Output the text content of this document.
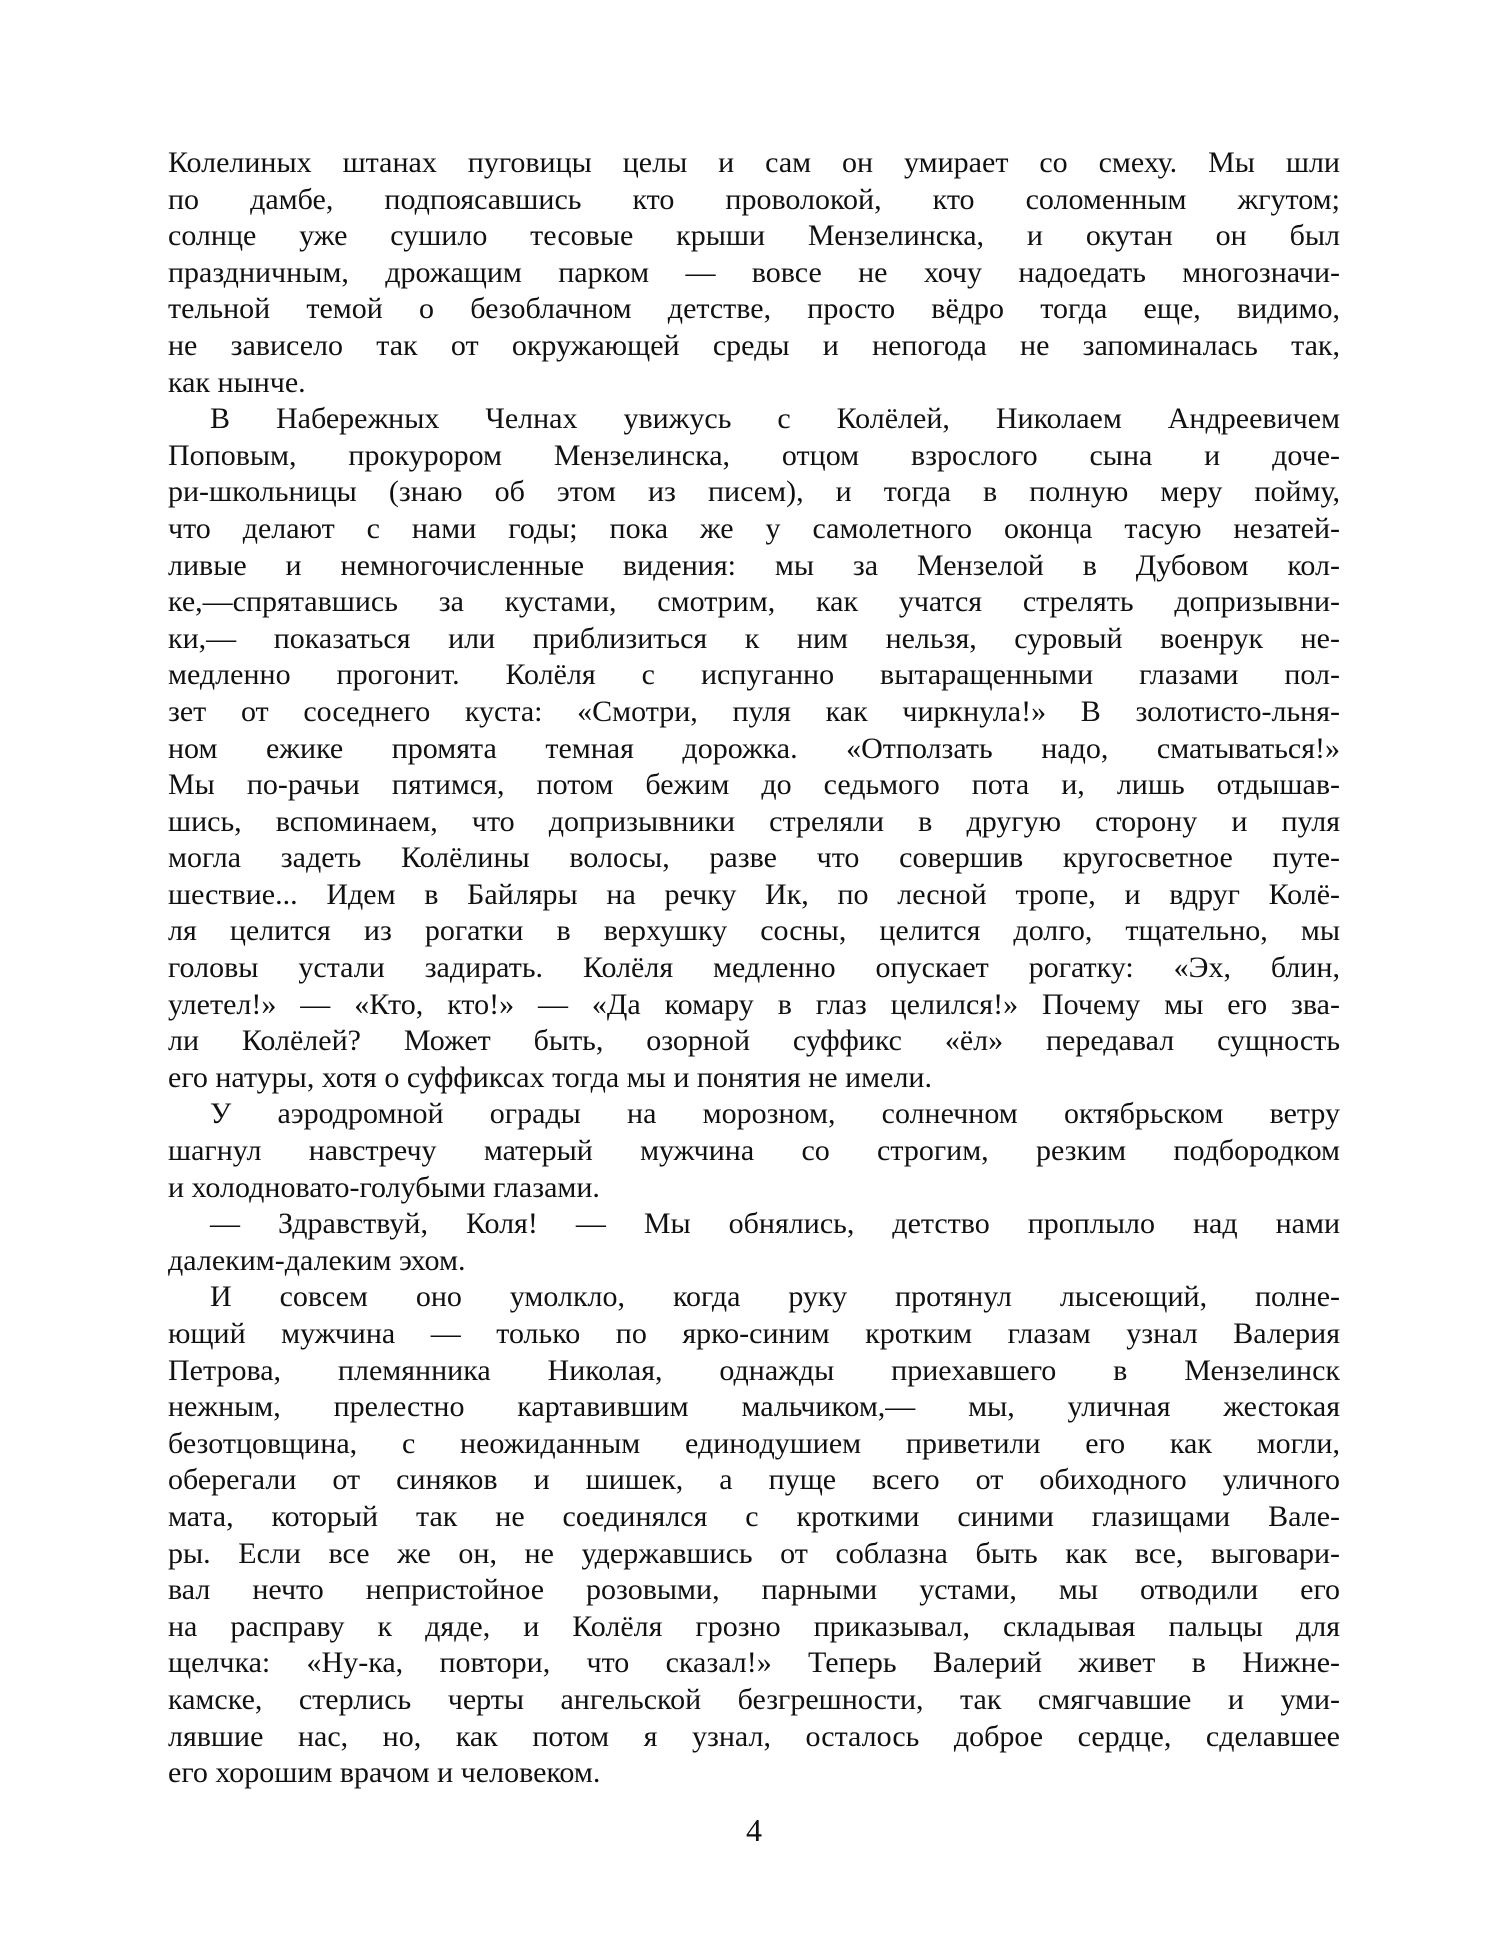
Колелиных штанах пуговицы целы и сам он умирает со смеху. Мы шли
по дамбе, подпоясавшись кто проволокой, кто соломенным жгутом;
солнце уже сушило тесовые крыши Мензелинска, и окутан он был
праздничным, дрожащим парком — вовсе не хочу надоедать многозначи-
тельной темой о безоблачном детстве, просто вёдро тогда еще, видимо,
не зависело так от окружающей среды и непогода не запоминалась так,
как нынче.
В Набережных Челнах увижусь с Колёлей, Николаем Андреевичем
Поповым, прокурором Мензелинска, отцом взрослого сына и доче-
ри-школьницы (знаю об этом из писем), и тогда в полную меру пойму,
что делают с нами годы; пока же у самолетного оконца тасую незатей-
ливые и немногочисленные видения: мы за Мензелой в Дубовом кол-
ке,—спрятавшись за кустами, смотрим, как учатся стрелять допризывни-
ки,— показаться или приблизиться к ним нельзя, суровый военрук не-
медленно прогонит. Колёля с испуганно вытаращенными глазами пол-
зет от соседнего куста: «Смотри, пуля как чиркнула!» В золотисто-льня-
ном ежике промята темная дорожка. «Отползать надо, сматываться!»
Мы по-рачьи пятимся, потом бежим до седьмого пота и, лишь отдышав-
шись, вспоминаем, что допризывники стреляли в другую сторону и пуля
могла задеть Колёлины волосы, разве что совершив кругосветное путе-
шествие... Идем в Байляры на речку Ик, по лесной тропе, и вдруг Колё-
ля целится из рогатки в верхушку сосны, целится долго, тщательно, мы
головы устали задирать. Колёля медленно опускает рогатку: «Эх, блин,
улетел!» — «Кто, кто!» — «Да комару в глаз целился!» Почему мы его зва-
ли Колёлей? Может быть, озорной суффикс «ёл» передавал сущность
его натуры, хотя о суффиксах тогда мы и понятия не имели.
У аэродромной ограды на морозном, солнечном октябрьском ветру
шагнул навстречу матерый мужчина со строгим, резким подбородком
и холодновато-голубыми глазами.
— Здравствуй, Коля! — Мы обнялись, детство проплыло над нами
далеким-далеким эхом.
И совсем оно умолкло, когда руку протянул лысеющий, полне-
ющий мужчина — только по ярко-синим кротким глазам узнал Валерия
Петрова, племянника Николая, однажды приехавшего в Мензелинск
нежным, прелестно картавившим мальчиком,— мы, уличная жестокая
безотцовщина, с неожиданным единодушием приветили его как могли,
оберегали от синяков и шишек, а пуще всего от обиходного уличного
мата, который так не соединялся с кроткими синими глазищами Вале-
ры. Если все же он, не удержавшись от соблазна быть как все, выговари-
вал нечто непристойное розовыми, парными устами, мы отводили его
на расправу к дяде, и Колёля грозно приказывал, складывая пальцы для
щелчка: «Ну-ка, повтори, что сказал!» Теперь Валерий живет в Нижне-
камске, стерлись черты ангельской безгрешности, так смягчавшие и уми-
лявшие нас, но, как потом я узнал, осталось доброе сердце, сделавшее
его хорошим врачом и человеком.
4
